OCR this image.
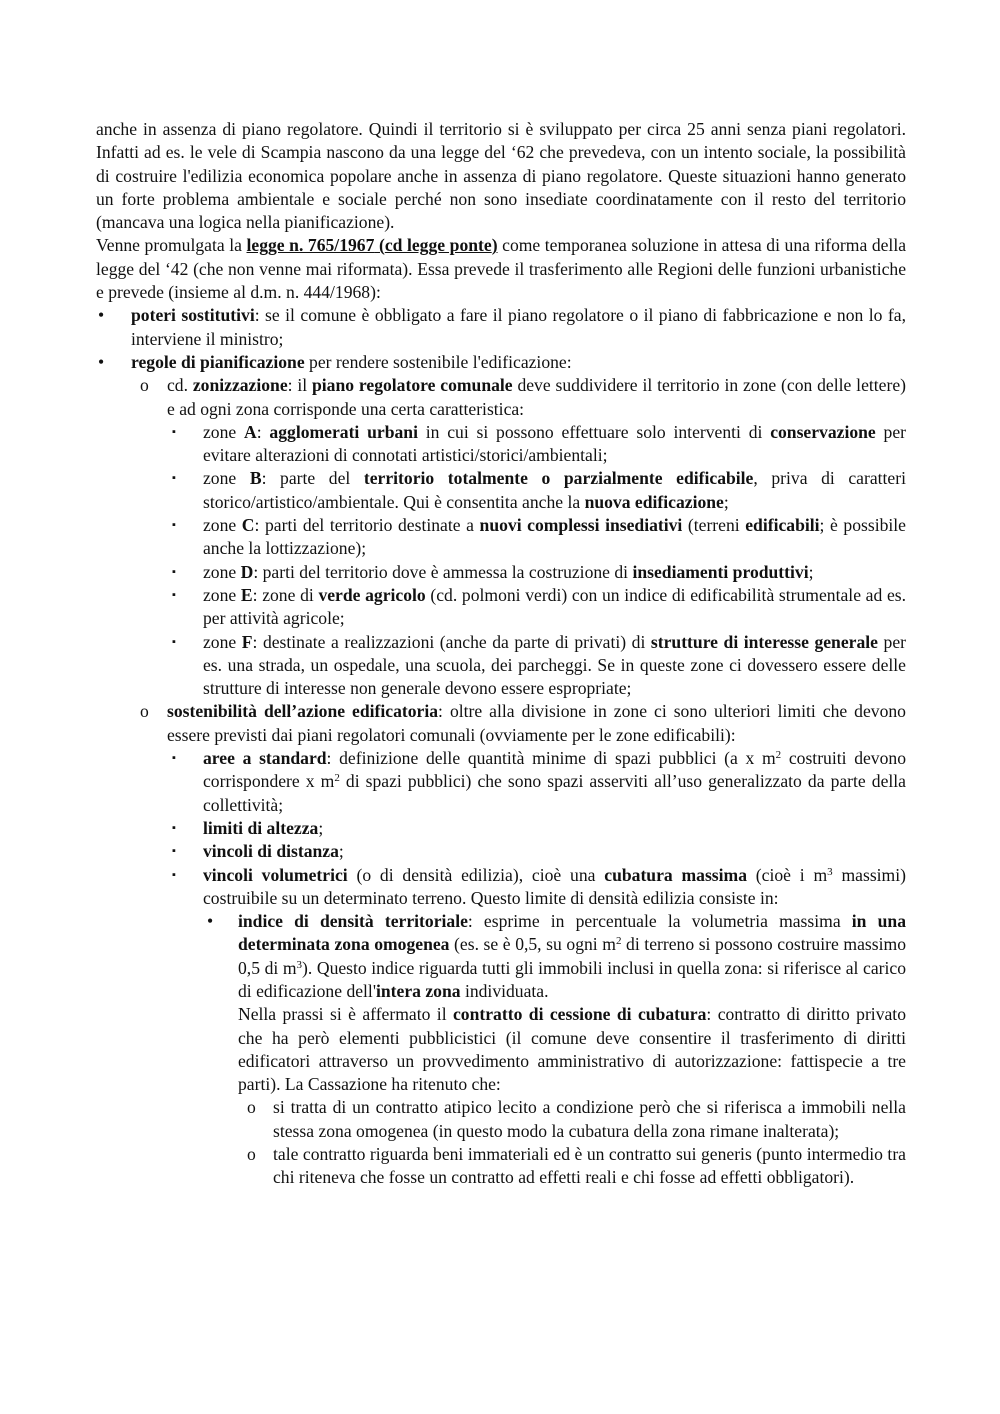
anche in assenza di piano regolatore. Quindi il territorio si è sviluppato per circa 25 anni senza piani regolatori. Infatti ad es. le vele di Scampia nascono da una legge del ‘62 che prevedeva, con un intento sociale, la possibilità di costruire l'edilizia economica popolare anche in assenza di piano regolatore. Queste situazioni hanno generato un forte problema ambientale e sociale perché non sono insediate coordinatamente con il resto del territorio (mancava una logica nella pianificazione).

Venne promulgata la legge n. 765/1967 (cd legge ponte) come temporanea soluzione in attesa di una riforma della legge del ‘42 (che non venne mai riformata). Essa prevede il trasferimento alle Regioni delle funzioni urbanistiche e prevede (insieme al d.m. n. 444/1968):

• poteri sostitutivi: se il comune è obbligato a fare il piano regolatore o il piano di fabbricazione e non lo fa, interviene il ministro;
• regole di pianificazione per rendere sostenibile l'edificazione:
o cd. zonizzazione: il piano regolatore comunale deve suddividere il territorio in zone (con delle lettere) e ad ogni zona corrisponde una certa caratteristica:
▪ zone A: agglomerati urbani in cui si possono effettuare solo interventi di conservazione per evitare alterazioni di connotati artistici/storici/ambientali;
▪ zone B: parte del territorio totalmente o parzialmente edificabile, priva di caratteri storico/artistico/ambientale. Qui è consentita anche la nuova edificazione;
▪ zone C: parti del territorio destinate a nuovi complessi insediativi (terreni edificabili; è possibile anche la lottizzazione);
▪ zone D: parti del territorio dove è ammessa la costruzione di insediamenti produttivi;
▪ zone E: zone di verde agricolo (cd. polmoni verdi) con un indice di edificabilità strumentale ad es. per attività agricole;
▪ zone F: destinate a realizzazioni (anche da parte di privati) di strutture di interesse generale per es. una strada, un ospedale, una scuola, dei parcheggi. Se in queste zone ci dovessero essere delle strutture di interesse non generale devono essere espropriate;
o sostenibilità dell’azione edificatoria: oltre alla divisione in zone ci sono ulteriori limiti che devono essere previsti dai piani regolatori comunali (ovviamente per le zone edificabili):
▪ aree a standard: definizione delle quantità minime di spazi pubblici (a x $m^2$ costruiti devono corrispondere x $m^2$ di spazi pubblici) che sono spazi asserviti all’uso generalizzato da parte della collettività;
▪ limiti di altezza;
▪ vincoli di distanza;
▪ vincoli volumetrici (o di densità edilizia), cioè una cubatura massima (cioè i $m^3$ massimi) costruibile su un determinato terreno. Questo limite di densità edilizia consiste in:
• indice di densità territoriale: esprime in percentuale la volumetria massima in una determinata zona omogenea (es. se è 0,5, su ogni $m^2$ di terreno si possono costruire massimo 0,5 di $m^3$). Questo indice riguarda tutti gli immobili inclusi in quella zona: si riferisce al carico di edificazione dell'intera zona individuata.

Nella prassi si è affermato il contratto di cessione di cubatura: contratto di diritto privato che ha però elementi pubblicistici (il comune deve consentire il trasferimento di diritti edificatori attraverso un provvedimento amministrativo di autorizzazione: fattispecie a tre parti). La Cassazione ha ritenuto che:

o si tratta di un contratto atipico lecito a condizione però che si riferisca a immobili nella stessa zona omogenea (in questo modo la cubatura della zona rimane inalterata);
o tale contratto riguarda beni immateriali ed è un contratto sui generis (punto intermedio tra chi riteneva che fosse un contratto ad effetti reali e chi fosse ad effetti obbligatori).
